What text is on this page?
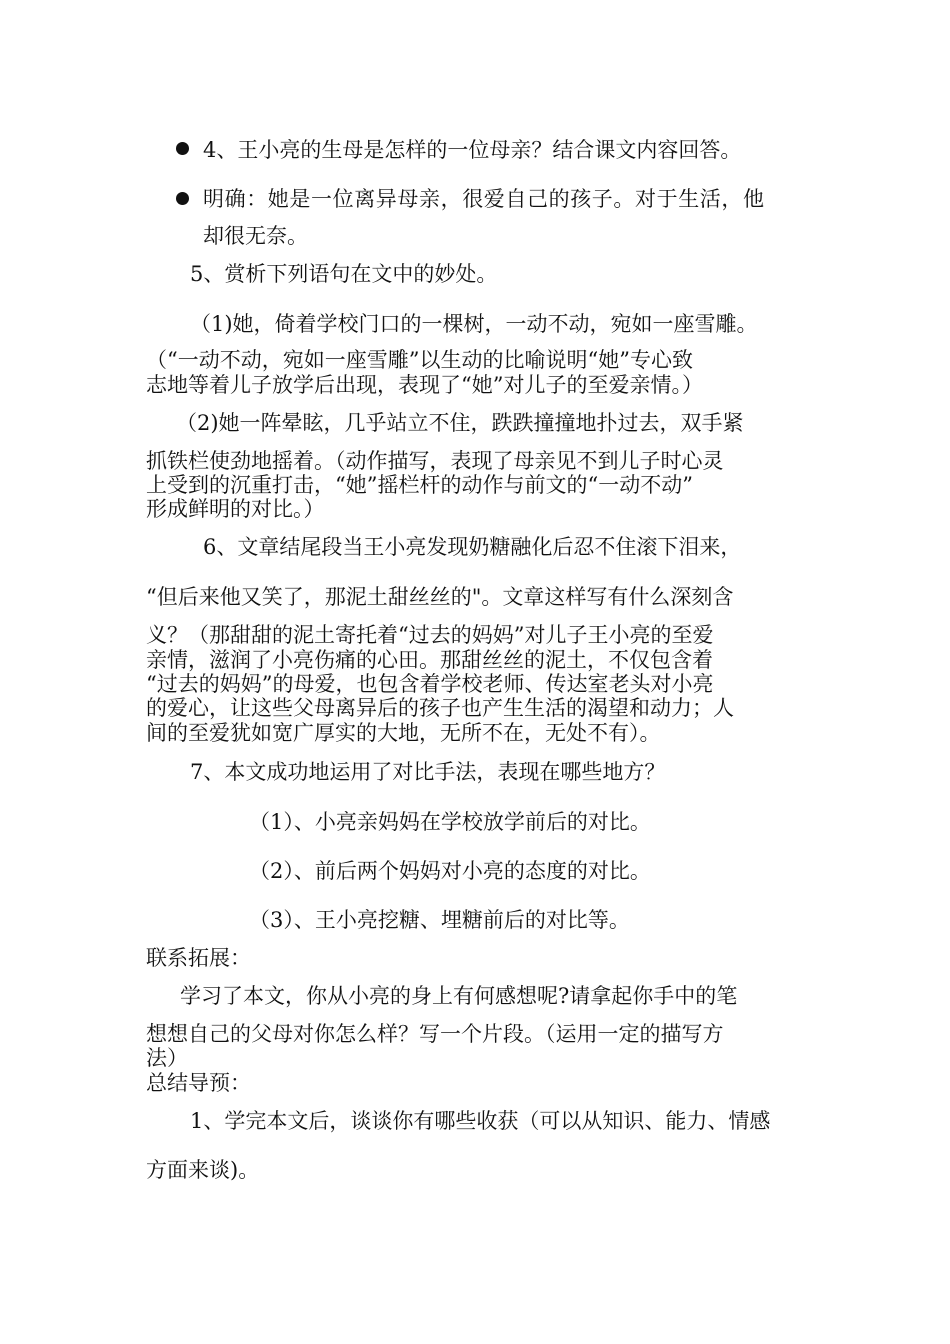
4、王小亮的生母是怎样的一位母亲？结合课文内容回答。
明确：她是一位离异母亲，很爱自己的孩子。对于生活，他
却很无奈。
5、赏析下列语句在文中的妙处。
（1)她，倚着学校门口的一棵树，一动不动，宛如一座雪雕。
（“一动不动，宛如一座雪雕”以生动的比喻说明“她”专心致
志地等着儿子放学后出现，表现了“她”对儿子的至爱亲情。）
（2)她一阵晕眩，几乎站立不住，跌跌撞撞地扑过去，双手紧
抓铁栏使劲地摇着。（动作描写，表现了母亲见不到儿子时心灵
上受到的沉重打击，“她”摇栏杆的动作与前文的“一动不动”
形成鲜明的对比。）
6、文章结尾段当王小亮发现奶糖融化后忍不住滚下泪来，
“但后来他又笑了，那泥土甜丝丝的"。文章这样写有什么深刻含
义？（那甜甜的泥土寄托着“过去的妈妈”对儿子王小亮的至爱
亲情，滋润了小亮伤痛的心田。那甜丝丝的泥土，不仅包含着
“过去的妈妈”的母爱，也包含着学校老师、传达室老头对小亮
的爱心，让这些父母离异后的孩子也产生生活的渴望和动力；人
间的至爱犹如宽广厚实的大地，无所不在，无处不有）。
7、本文成功地运用了对比手法，表现在哪些地方？
（1）、小亮亲妈妈在学校放学前后的对比。
（2）、前后两个妈妈对小亮的态度的对比。
（3）、王小亮挖糖、埋糖前后的对比等。
联系拓展：
学习了本文，你从小亮的身上有何感想呢?请拿起你手中的笔
想想自己的父母对你怎么样？写一个片段。（运用一定的描写方
法）
总结导预：
1、学完本文后，谈谈你有哪些收获（可以从知识、能力、情感
方面来谈)。
